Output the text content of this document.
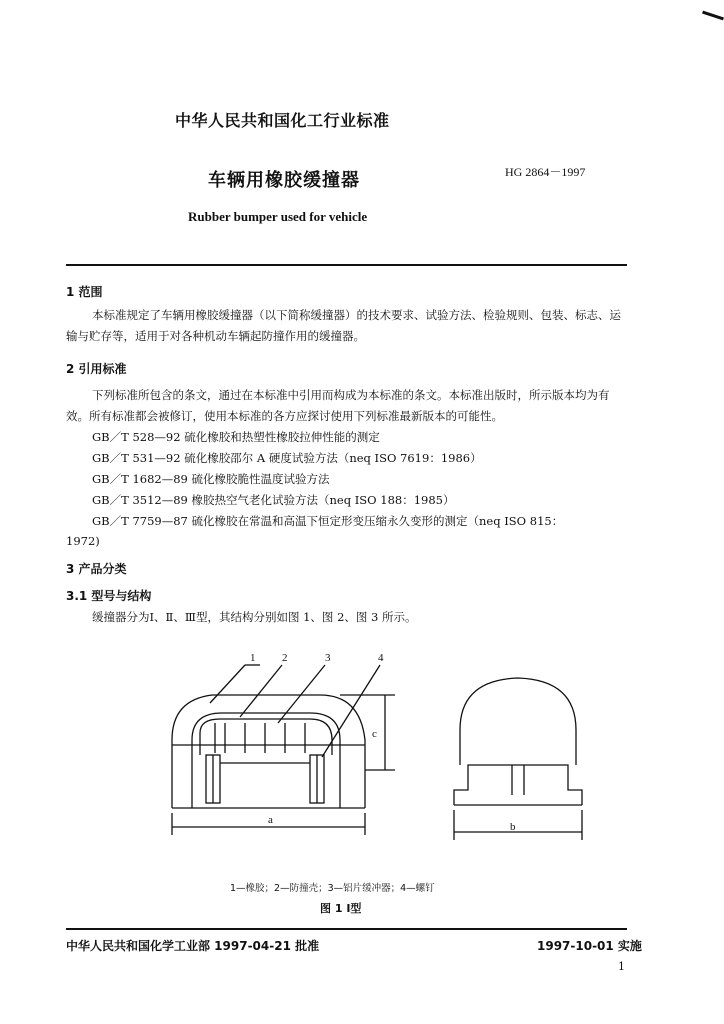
中华人民共和国化工行业标准
车辆用橡胶缓撞器	HG 2864－1997
Rubber bumper used for vehicle
1 范围
本标准规定了车辆用橡胶缓撞器（以下简称缓撞器）的技术要求、试验方法、检验规则、包装、标志、运输与贮存等，适用于对各种机动车辆起防撞作用的缓撞器。
2 引用标准
下列标准所包含的条文，通过在本标准中引用而构成为本标准的条文。本标准出版时，所示版本均为有效。所有标准都会被修订，使用本标准的各方应探讨使用下列标准最新版本的可能性。
GB／T 528—92 硫化橡胶和热塑性橡胶拉伸性能的测定
GB／T 531—92 硫化橡胶邵尔 A 硬度试验方法（neq ISO 7619：1986）
GB／T 1682—89 硫化橡胶脆性温度试验方法
GB／T 3512—89 橡胶热空气老化试验方法（neq ISO 188：1985）
GB／T 7759—87 硫化橡胶在常温和高温下恒定形变压缩永久变形的测定（neq ISO 815：
1972)
3 产品分类
3.1 型号与结构
缓撞器分为Ⅰ、Ⅱ、Ⅲ型，其结构分别如图 1、图 2、图 3 所示。
1 2	3	4
c
a
b
1—橡胶；2—防撞壳；3—铝片缓冲器；4—螺钉
图 1 Ⅰ型
中华人民共和国化学工业部 1997-04-21 批准	1997-10-01 实施
1
